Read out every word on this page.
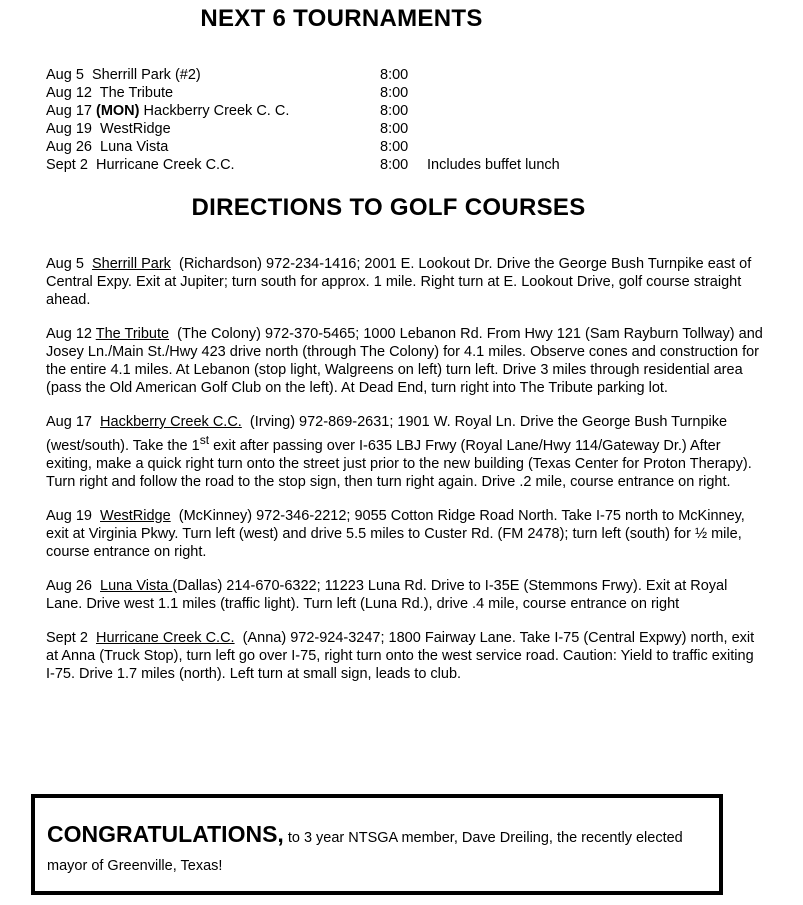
NEXT 6 TOURNAMENTS
Aug 5 Sherrill Park (#2)	8:00
Aug 12 The Tribute	8:00
Aug 17 (MON) Hackberry Creek C. C.	8:00
Aug 19 WestRidge	8:00
Aug 26 Luna Vista	8:00
Sept 2 Hurricane Creek C.C.	8:00 Includes buffet lunch
DIRECTIONS TO GOLF COURSES

Aug 5 Sherrill Park (Richardson) 972-234-1416; 2001 E. Lookout Dr. Drive the George Bush Turnpike east of Central Expy. Exit at Jupiter; turn south for approx. 1 mile. Right turn at E. Lookout Drive, golf course straight ahead.

Aug 12 The Tribute (The Colony) 972-370-5465; 1000 Lebanon Rd. From Hwy 121 (Sam Rayburn Tollway) and Josey Ln./Main St./Hwy 423 drive north (through The Colony) for 4.1 miles. Observe cones and construction for the entire 4.1 miles. At Lebanon (stop light, Walgreens on left) turn left. Drive 3 miles through residential area (pass the Old American Golf Club on the left). At Dead End, turn right into The Tribute parking lot.

Aug 17 Hackberry Creek C.C. (Irving) 972-869-2631; 1901 W. Royal Ln. Drive the George Bush Turnpike (west/south). Take the 1st exit after passing over I-635 LBJ Frwy (Royal Lane/Hwy 114/Gateway Dr.) After exiting, make a quick right turn onto the street just prior to the new building (Texas Center for Proton Therapy). Turn right and follow the road to the stop sign, then turn right again. Drive .2 mile, course entrance on right.

Aug 19 WestRidge (McKinney) 972-346-2212; 9055 Cotton Ridge Road North. Take I-75 north to McKinney, exit at Virginia Pkwy. Turn left (west) and drive 5.5 miles to Custer Rd. (FM 2478); turn left (south) for ½ mile, course entrance on right.

Aug 26 Luna Vista (Dallas) 214-670-6322; 11223 Luna Rd. Drive to I-35E (Stemmons Frwy). Exit at Royal Lane. Drive west 1.1 miles (traffic light). Turn left (Luna Rd.), drive .4 mile, course entrance on right

Sept 2 Hurricane Creek C.C. (Anna) 972-924-3247; 1800 Fairway Lane. Take I-75 (Central Expwy) north, exit at Anna (Truck Stop), turn left go over I-75, right turn onto the west service road. Caution: Yield to traffic exiting I-75. Drive 1.7 miles (north). Left turn at small sign, leads to club.

CONGRATULATIONS, to 3 year NTSGA member, Dave Dreiling, the recently elected mayor of Greenville, Texas!
